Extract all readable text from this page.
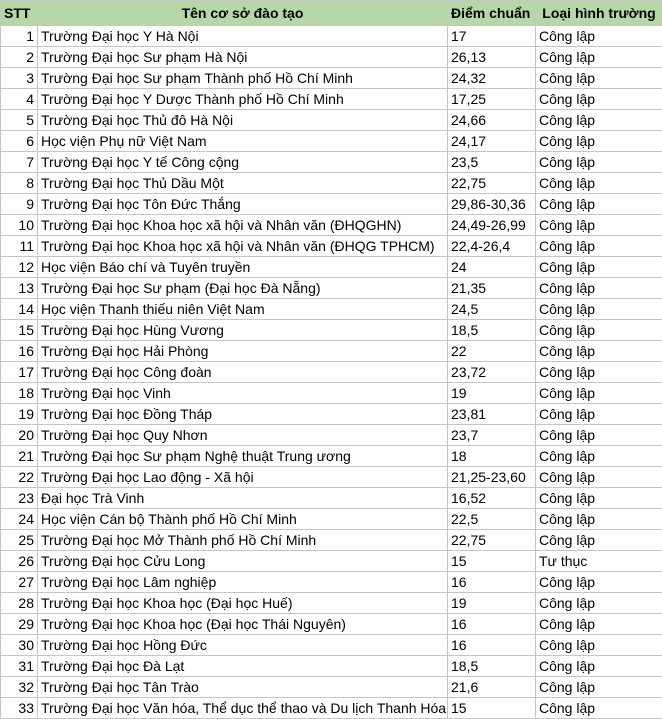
STT	Tên cơ sở đào tạo	Điểm chuẩn	Loại hình trường
1	Trường Đại học Y Hà Nội	17	Công lập
2	Trường Đại học Sư phạm Hà Nội	26,13	Công lập
3	Trường Đại học Sư phạm Thành phố Hồ Chí Minh	24,32	Công lập
4	Trường Đại học Y Dược Thành phố Hồ Chí Minh	17,25	Công lập
5	Trường Đại học Thủ đô Hà Nội	24,66	Công lập
6	Học viện Phụ nữ Việt Nam	24,17	Công lập
7	Trường Đại học Y tế Công cộng	23,5	Công lập
8	Trường Đại học Thủ Dầu Một	22,75	Công lập
9	Trường Đại học Tôn Đức Thắng	29,86-30,36	Công lập
10	Trường Đại học Khoa học xã hội và Nhân văn (ĐHQGHN)	24,49-26,99	Công lập
11	Trường Đại học Khoa học xã hội và Nhân văn (ĐHQG TPHCM)	22,4-26,4	Công lập
12	Học viện Báo chí và Tuyên truyền	24	Công lập
13	Trường Đại học Sư phạm (Đại học Đà Nẵng)	21,35	Công lập
14	Học viện Thanh thiếu niên Việt Nam	24,5	Công lập
15	Trường Đại học Hùng Vương	18,5	Công lập
16	Trường Đại học Hải Phòng	22	Công lập
17	Trường Đại học Công đoàn	23,72	Công lập
18	Trường Đại học Vinh	19	Công lập
19	Trường Đại học Đồng Tháp	23,81	Công lập
20	Trường Đại học Quy Nhơn	23,7	Công lập
21	Trường Đại học Sư phạm Nghệ thuật Trung ương	18	Công lập
22	Trường Đại học Lao động - Xã hội	21,25-23,60	Công lập
23	Đại học Trà Vinh	16,52	Công lập
24	Học viện Cán bộ Thành phố Hồ Chí Minh	22,5	Công lập
25	Trường Đại học Mở Thành phố Hồ Chí Minh	22,75	Công lập
26	Trường Đại học Cửu Long	15	Tư thục
27	Trường Đại học Lâm nghiệp	16	Công lập
28	Trường Đại học Khoa học (Đại học Huế)	19	Công lập
29	Trường Đại học Khoa học (Đại học Thái Nguyên)	16	Công lập
30	Trường Đại học Hồng Đức	16	Công lập
31	Trường Đại học Đà Lạt	18,5	Công lập
32	Trường Đại học Tân Trào	21,6	Công lập
33	Trường Đại học Văn hóa, Thể dục thể thao và Du lịch Thanh Hóa	15	Công lập
